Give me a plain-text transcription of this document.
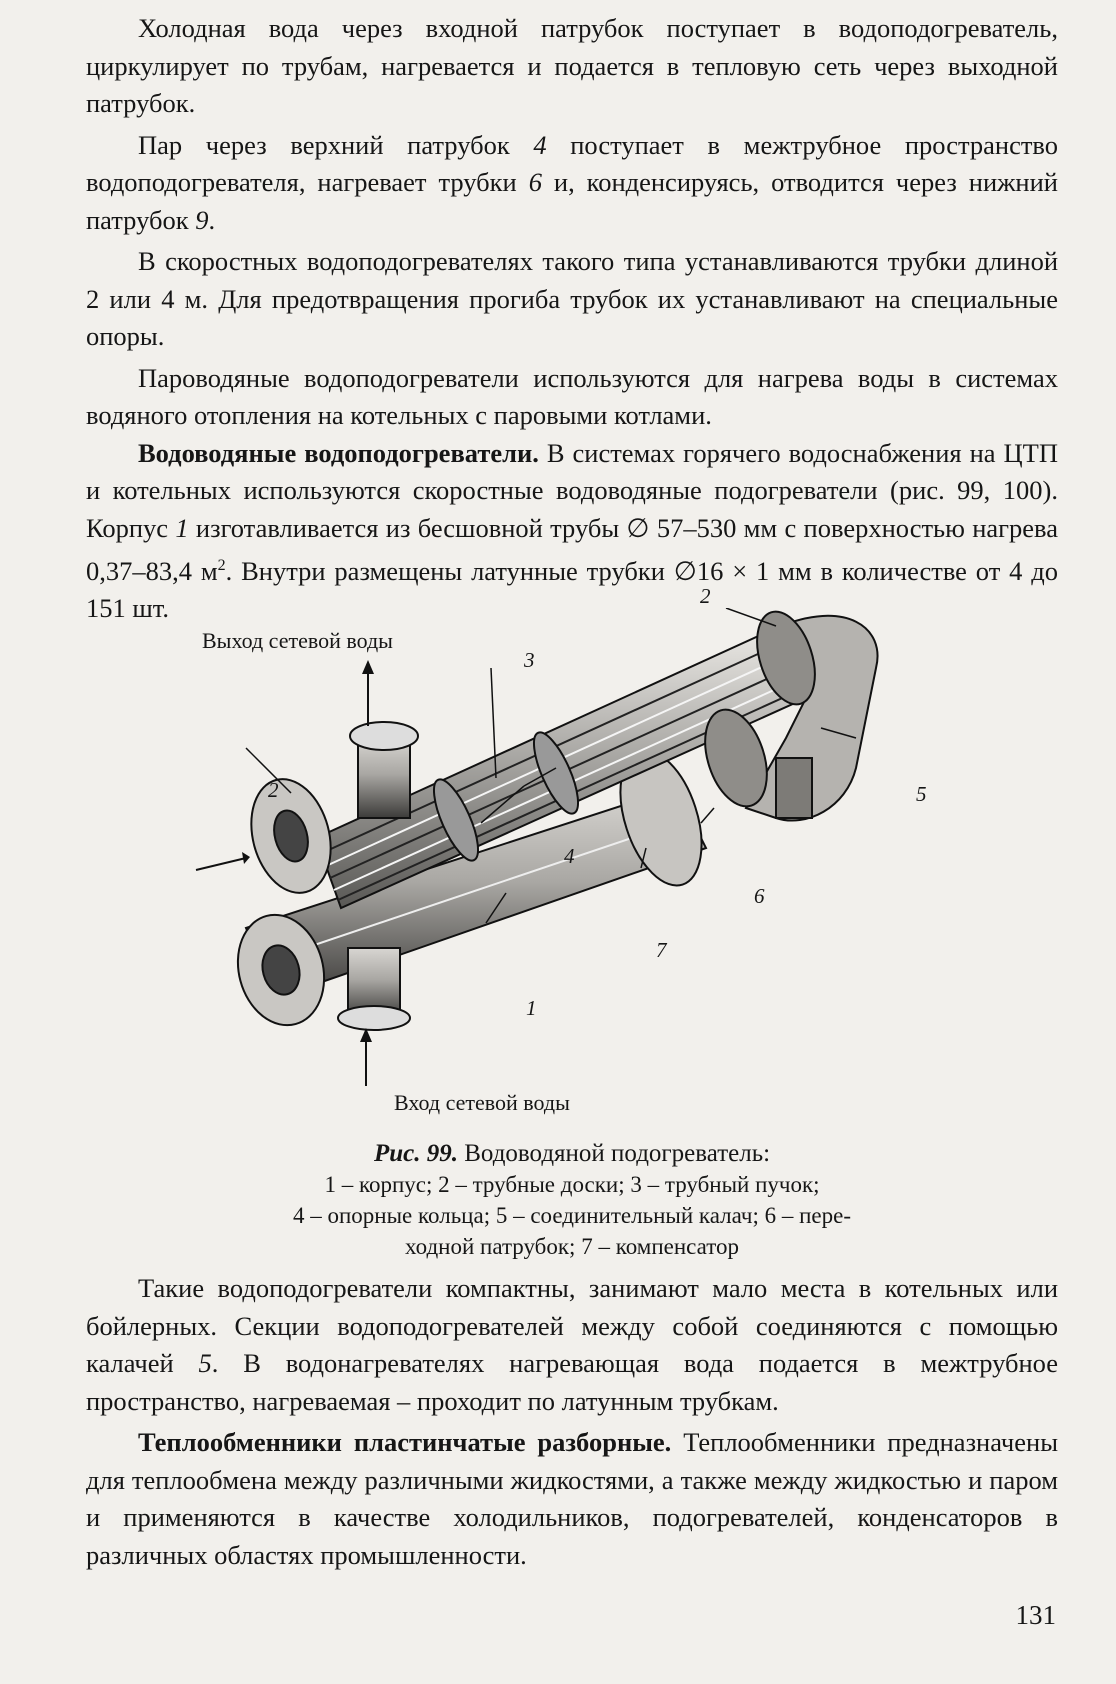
Холодная вода через входной патрубок поступает в водоподогреватель, циркулирует по трубам, нагревается и подается в тепловую сеть через выходной патрубок.

Пар через верхний патрубок 4 поступает в межтрубное пространство водоподогревателя, нагревает трубки 6 и, конденсируясь, отводится через нижний патрубок 9.

В скоростных водоподогревателях такого типа устанавливаются трубки длиной 2 или 4 м. Для предотвращения прогиба трубок их устанавливают на специальные опоры.

Пароводяные водоподогреватели используются для нагрева воды в системах водяного отопления на котельных с паровыми котлами.

Водоводяные водоподогреватели. В системах горячего водоснабжения на ЦТП и котельных используются скоростные водоводяные подогреватели (рис. 99, 100). Корпус 1 изготавливается из бесшовной трубы ∅ 57–530 мм с поверхностью нагрева 0,37–83,4 $м^2$. Внутри размещены латунные трубки ∅16 × 1 мм в количестве от 4 до 151 шт.

Выход сетевой воды
Вход сетевой воды
1
2
2
3
4
5
6
7

Рис. 99. Водоводяной подогреватель:

1 – корпус; 2 – трубные доски; 3 – трубный пучок;

4 – опорные кольца; 5 – соединительный калач; 6 – пере-

ходной патрубок; 7 – компенсатор

Такие водоподогреватели компактны, занимают мало места в котельных или бойлерных. Секции водоподогревателей между собой соединяются с помощью калачей 5. В водонагревателях нагревающая вода подается в межтрубное пространство, нагреваемая – проходит по латунным трубкам.

Теплообменники пластинчатые разборные. Теплообменники предназначены для теплообмена между различными жидкостями, а также между жидкостью и паром и применяются в качестве холодильников, подогревателей, конденсаторов в различных областях промышленности.

131
